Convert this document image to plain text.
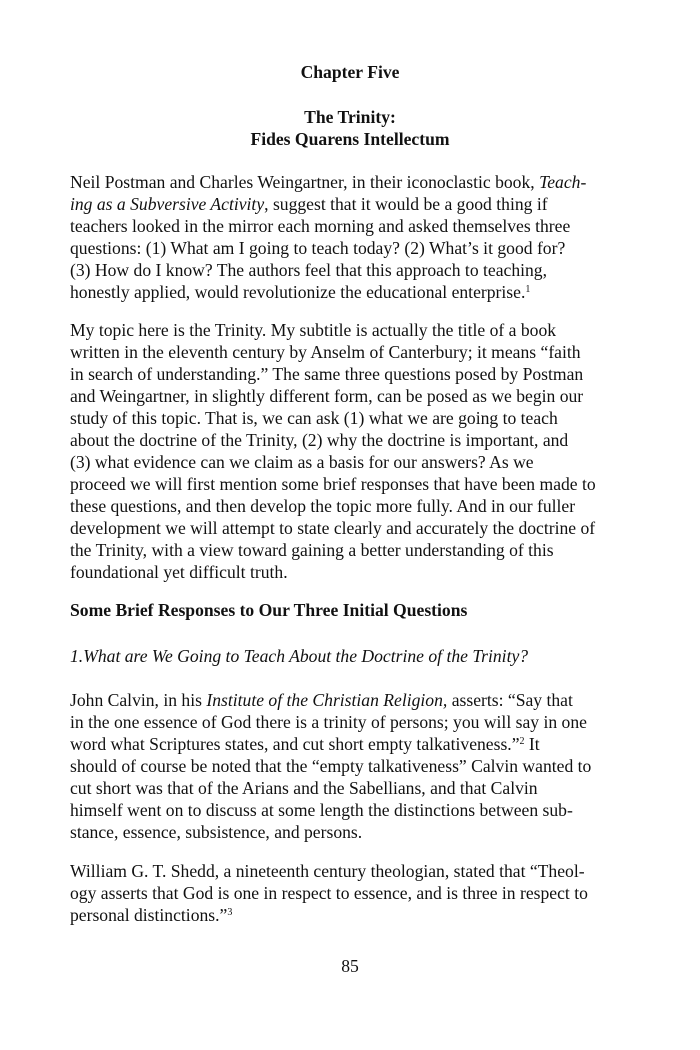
Chapter Five

The Trinity:
Fides Quarens Intellectum

Neil Postman and Charles Weingartner, in their iconoclastic book, Teach-
ing as a Subversive Activity, suggest that it would be a good thing if
teachers looked in the mirror each morning and asked themselves three
questions: (1) What am I going to teach today? (2) What’s it good for?
(3) How do I know? The authors feel that this approach to teaching,
honestly applied, would revolutionize the educational enterprise.$^1$

My topic here is the Trinity. My subtitle is actually the title of a book
written in the eleventh century by Anselm of Canterbury; it means “faith
in search of understanding.” The same three questions posed by Postman
and Weingartner, in slightly different form, can be posed as we begin our
study of this topic. That is, we can ask (1) what we are going to teach
about the doctrine of the Trinity, (2) why the doctrine is important, and
(3) what evidence can we claim as a basis for our answers? As we
proceed we will first mention some brief responses that have been made to
these questions, and then develop the topic more fully. And in our fuller
development we will attempt to state clearly and accurately the doctrine of
the Trinity, with a view toward gaining a better understanding of this
foundational yet difficult truth.

Some Brief Responses to Our Three Initial Questions

1.What are We Going to Teach About the Doctrine of the Trinity?

John Calvin, in his Institute of the Christian Religion, asserts: “Say that
in the one essence of God there is a trinity of persons; you will say in one
word what Scriptures states, and cut short empty talkativeness.”$^2$ It
should of course be noted that the “empty talkativeness” Calvin wanted to
cut short was that of the Arians and the Sabellians, and that Calvin
himself went on to discuss at some length the distinctions between sub-
stance, essence, subsistence, and persons.

William G. T. Shedd, a nineteenth century theologian, stated that “Theol-
ogy asserts that God is one in respect to essence, and is three in respect to
personal distinctions.”$^3$

85
